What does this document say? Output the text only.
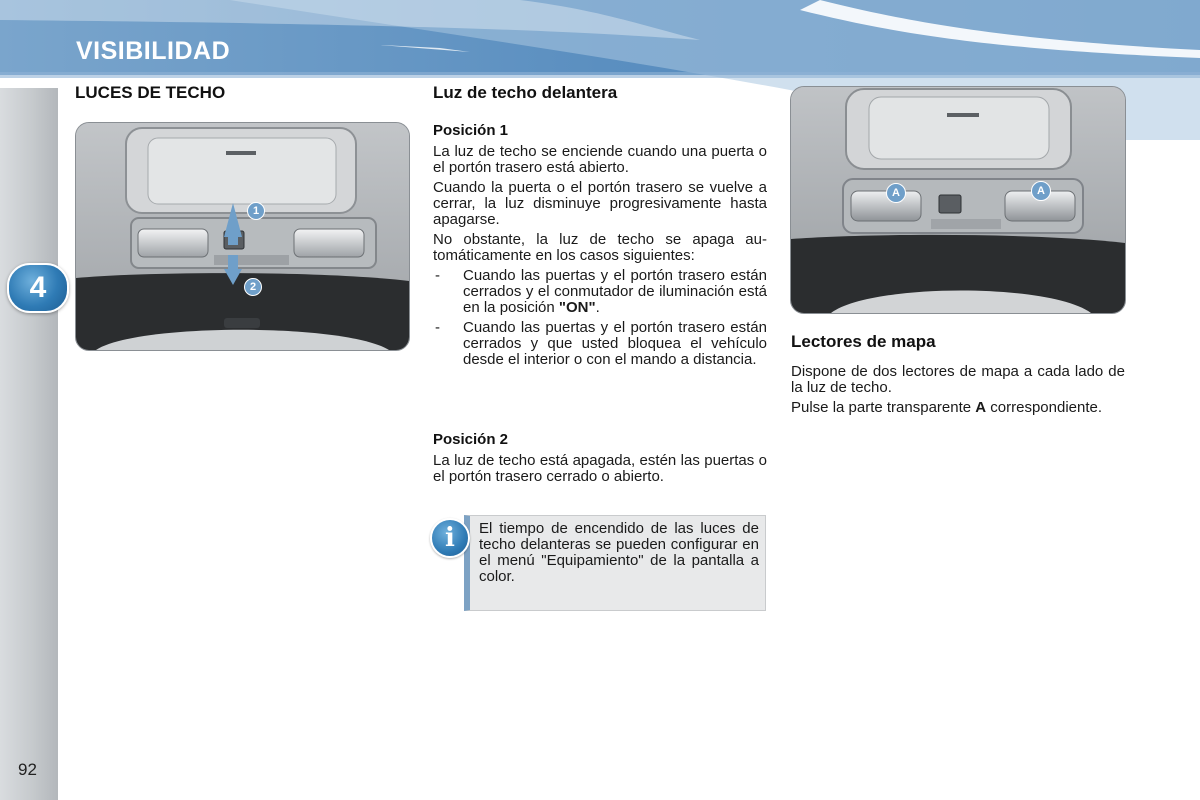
VISIBILIDAD
4
92
LUCES DE TECHO
1
2
Luz de techo delantera
Posición 1

La luz de techo se enciende cuando una puerta o el portón trasero está abierto.

Cuando la puerta o el portón trasero se vuelve a cerrar, la luz disminuye progresivamente hasta apagarse.

No obstante, la luz de techo se apaga automáticamente en los casos siguientes:

- Cuando las puertas y el portón trasero están cerrados y el conmutador de iluminación está en la posición "ON".
- Cuando las puertas y el portón trasero están cerrados y que usted bloquea el vehículo desde el interior o con el mando a distancia.
Posición 2

La luz de techo está apagada, estén las puertas o el portón trasero cerrado o abierto.

i	El tiempo de encendido de las luces de techo delanteras se pueden configurar en el menú "Equipamiento" de la pantalla a color.
A	A
Lectores de mapa

Dispone de dos lectores de mapa a cada lado de la luz de techo.

Pulse la parte transparente A correspondiente.
